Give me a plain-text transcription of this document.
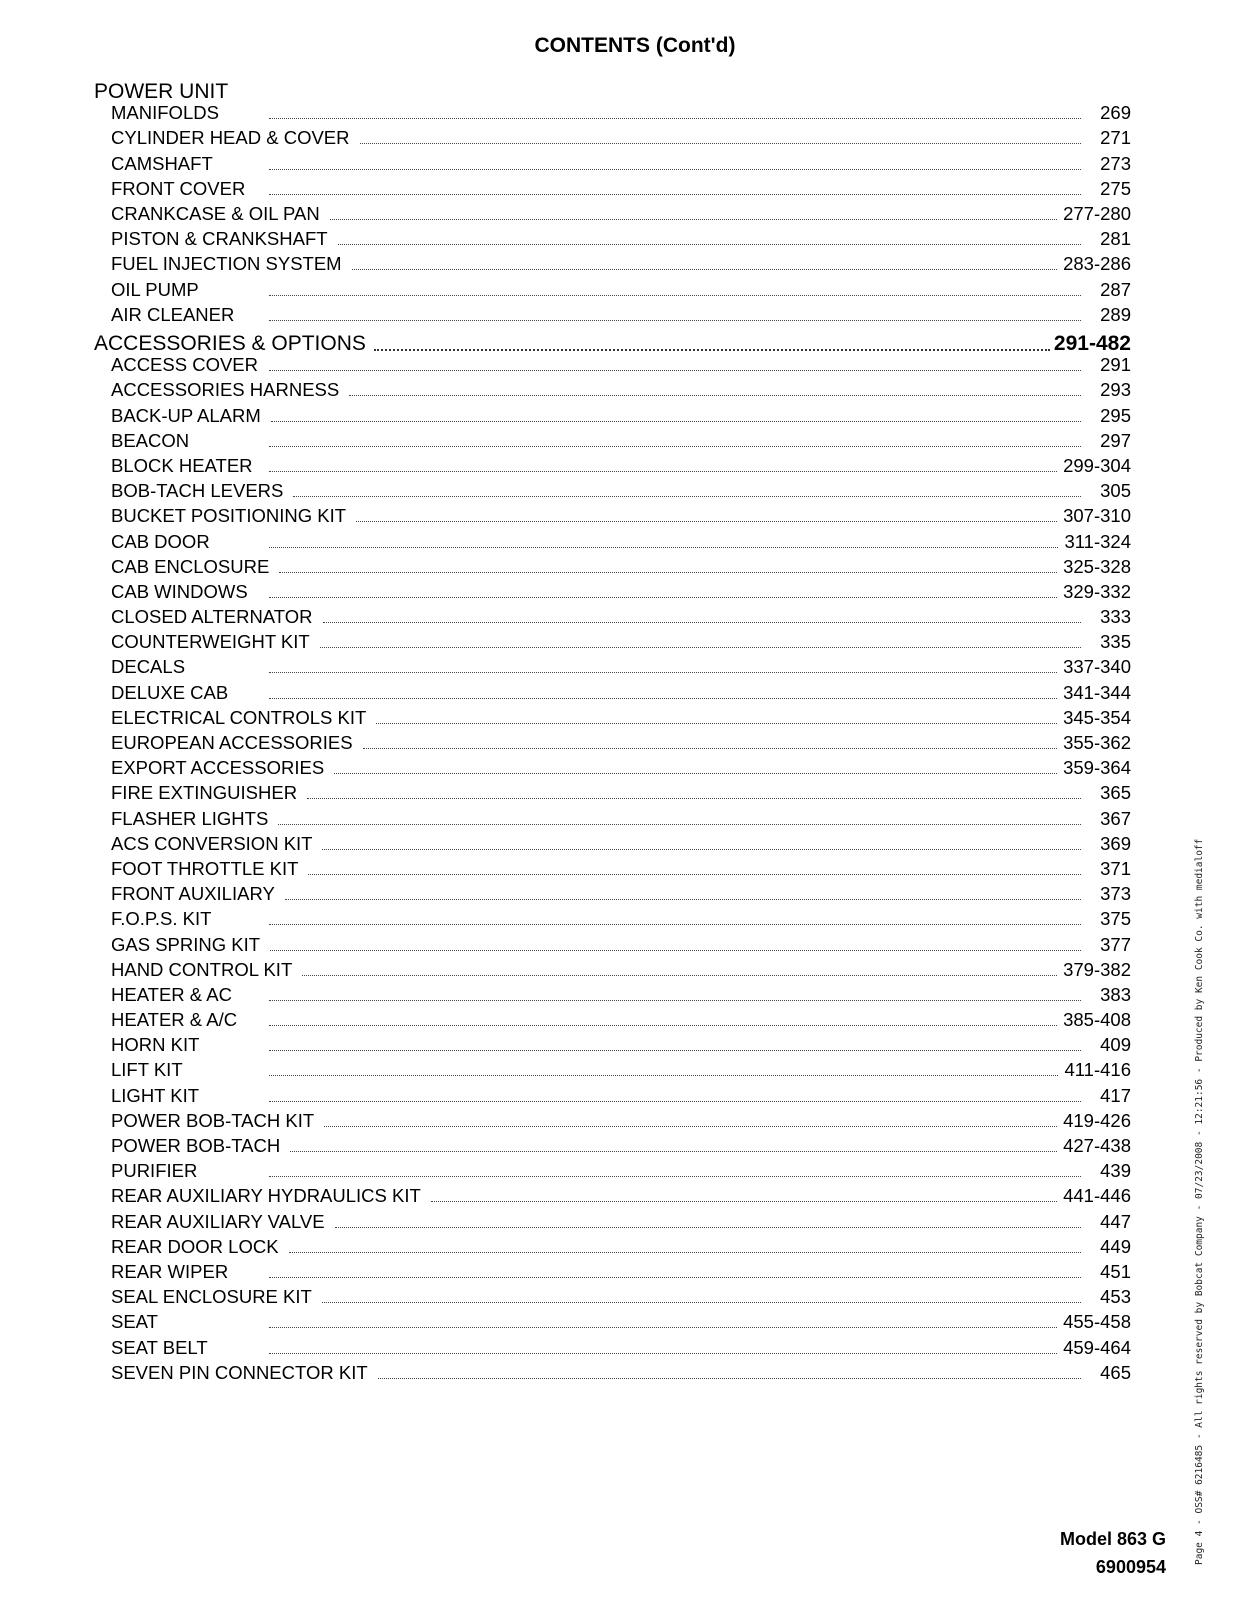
CONTENTS (Cont'd)
POWER UNIT
MANIFOLDS	269
CYLINDER HEAD & COVER	271
CAMSHAFT	273
FRONT COVER	275
CRANKCASE & OIL PAN	277-280
PISTON & CRANKSHAFT	281
FUEL INJECTION SYSTEM	283-286
OIL PUMP	287
AIR CLEANER	289
ACCESSORIES & OPTIONS	291-482
ACCESS COVER	291
ACCESSORIES HARNESS	293
BACK-UP ALARM	295
BEACON	297
BLOCK HEATER	299-304
BOB-TACH LEVERS	305
BUCKET POSITIONING KIT	307-310
CAB DOOR	311-324
CAB ENCLOSURE	325-328
CAB WINDOWS	329-332
CLOSED ALTERNATOR	333
COUNTERWEIGHT KIT	335
DECALS	337-340
DELUXE CAB	341-344
ELECTRICAL CONTROLS KIT	345-354
EUROPEAN ACCESSORIES	355-362
EXPORT ACCESSORIES	359-364
FIRE EXTINGUISHER	365
FLASHER LIGHTS	367
ACS CONVERSION KIT	369
FOOT THROTTLE KIT	371
FRONT AUXILIARY	373
F.O.P.S. KIT	375
GAS SPRING KIT	377
HAND CONTROL KIT	379-382
HEATER & AC	383
HEATER & A/C	385-408
HORN KIT	409
LIFT KIT	411-416
LIGHT KIT	417
POWER BOB-TACH KIT	419-426
POWER BOB-TACH	427-438
PURIFIER	439
REAR AUXILIARY HYDRAULICS KIT	441-446
REAR AUXILIARY VALVE	447
REAR DOOR LOCK	449
REAR WIPER	451
SEAL ENCLOSURE KIT	453
SEAT	455-458
SEAT BELT	459-464
SEVEN PIN CONNECTOR KIT	465
Model 863 G
6900954
Page 4 - OSS# 6216485 - All rights reserved by Bobcat Company - 07/23/2008 - 12:21:56 - Produced by Ken Cook Co. with medialoff
